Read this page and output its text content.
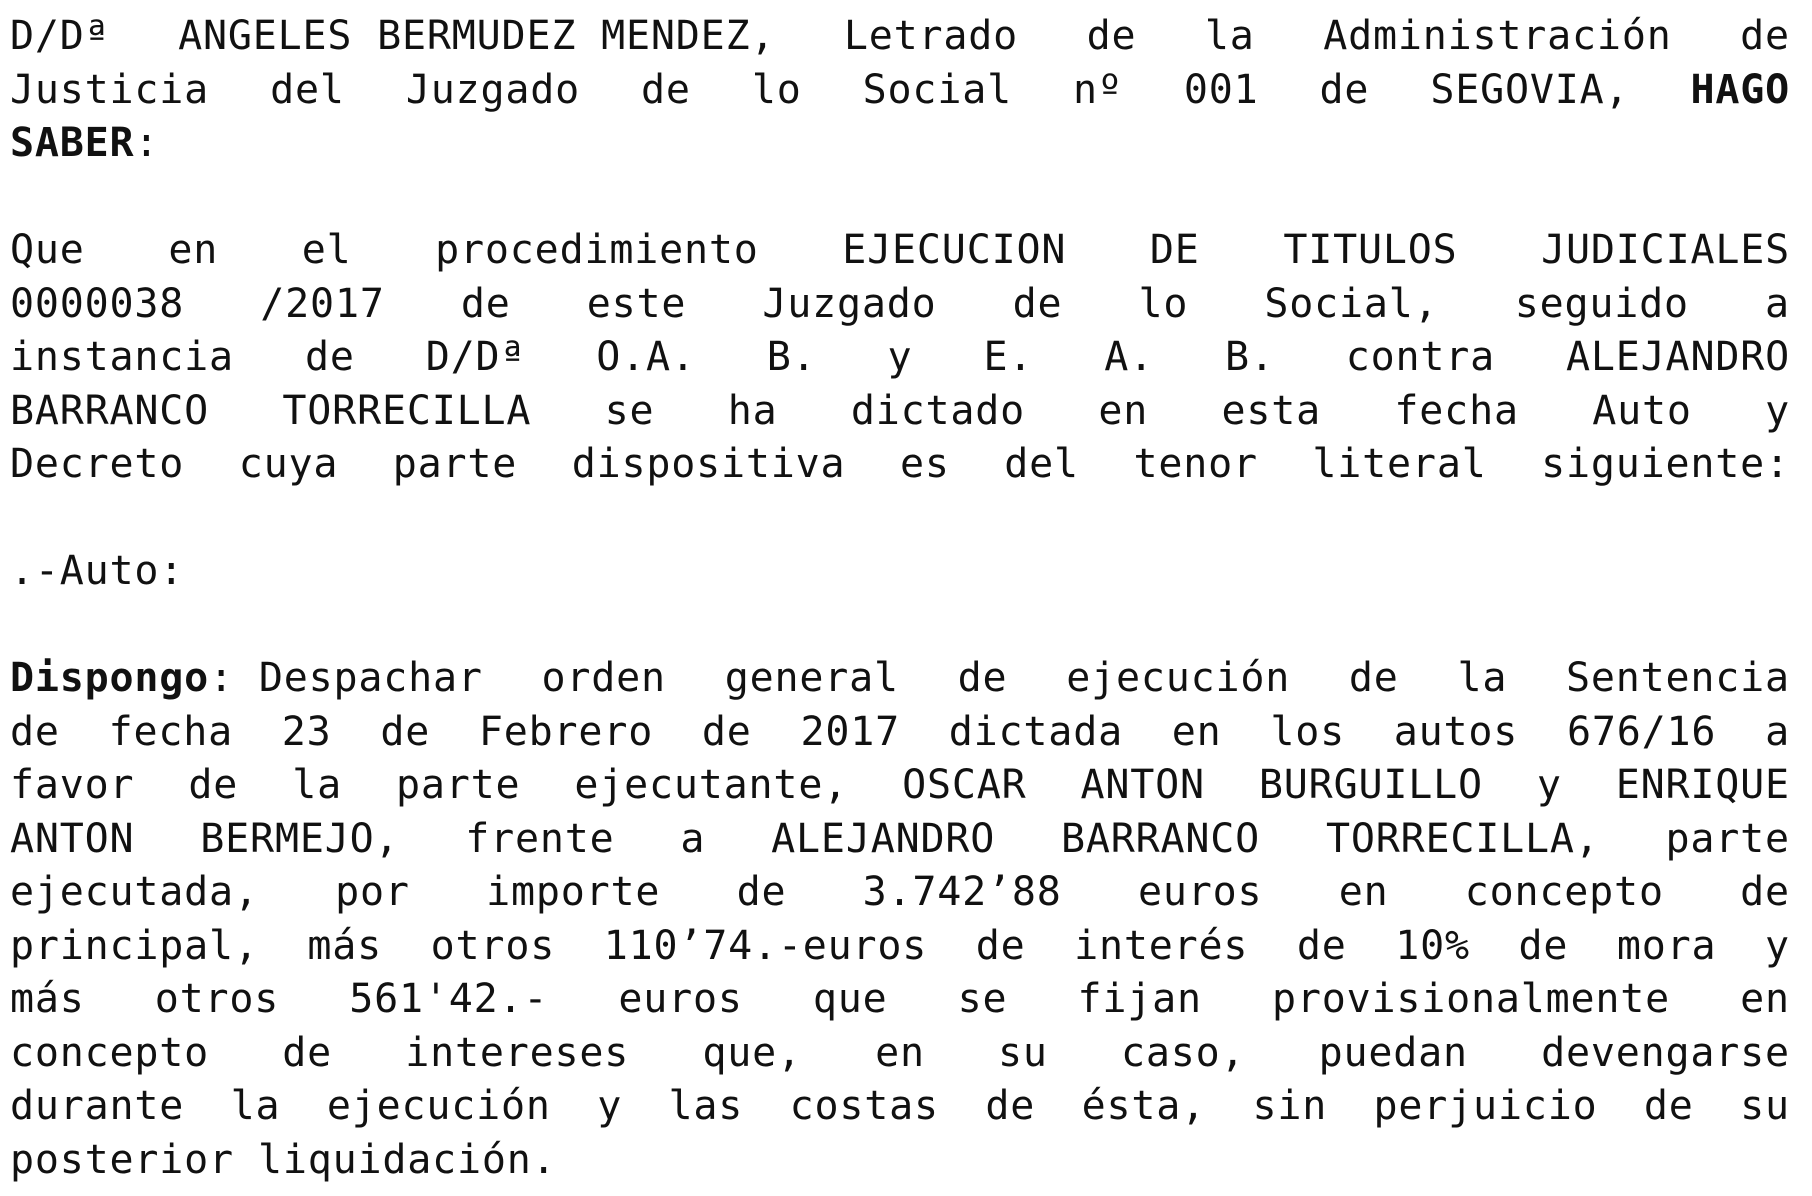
D/Dª ANGELES BERMUDEZ MENDEZ, Letrado de la Administración de
Justicia del Juzgado de lo Social nº 001 de SEGOVIA, HAGO
SABER :
Que en el procedimiento EJECUCION DE TITULOS JUDICIALES
0000038 /2017 de este Juzgado de lo Social, seguido a
instancia de D/Dª O.A. B. y E. A. B. contra ALEJANDRO
BARRANCO TORRECILLA se ha dictado en esta fecha Auto y
Decreto cuya parte dispositiva es del tenor literal siguiente:
.-Auto:
Dispongo: Despachar orden general de ejecución de la Sentencia
de fecha 23 de Febrero de 2017 dictada en los autos 676/16 a
favor de la parte ejecutante, OSCAR ANTON BURGUILLO y ENRIQUE
ANTON BERMEJO, frente a ALEJANDRO BARRANCO TORRECILLA, parte
ejecutada, por importe de 3.742’88 euros en concepto de
principal, más otros 110’74.-euros de interés de 10% de mora y
más otros 561'42.- euros que se fijan provisionalmente en
concepto de intereses que, en su caso, puedan devengarse
durante la ejecución y las costas de ésta, sin perjuicio de su
posterior liquidación.
